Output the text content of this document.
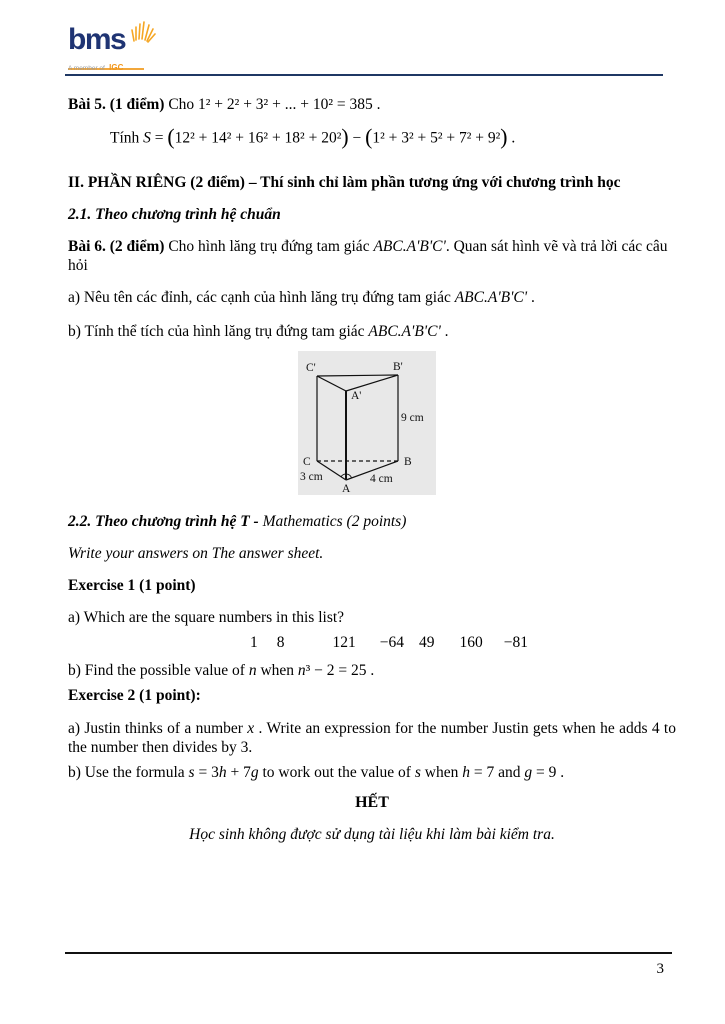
bms
A member of IGC

Bài 5. (1 điểm) Cho 1² + 2² + 3² + ... + 10² = 385 .

Tính S = (12² + 14² + 16² + 18² + 20²) − (1² + 3² + 5² + 7² + 9²) .

II. PHẦN RIÊNG (2 điểm) – Thí sinh chỉ làm phần tương ứng với chương trình học

2.1. Theo chương trình hệ chuẩn

Bài 6. (2 điểm) Cho hình lăng trụ đứng tam giác ABC.A'B'C'. Quan sát hình vẽ và trả lời các câu hỏi

a) Nêu tên các đỉnh, các cạnh của hình lăng trụ đứng tam giác ABC.A'B'C' .

b) Tính thể tích của hình lăng trụ đứng tam giác ABC.A'B'C' .

C'	B'
A'
9 cm
C	B
3 cm	4 cm
A

2.2. Theo chương trình hệ T - Mathematics (2 points)

Write your answers on The answer sheet.

Exercise 1 (1 point)

a) Which are the square numbers in this list?

1 8	121 −64 49 160 −81

b) Find the possible value of n when n³ − 2 = 25 .

Exercise 2 (1 point):

a) Justin thinks of a number x . Write an expression for the number Justin gets when he adds 4 to the number then divides by 3.

b) Use the formula s = 3h + 7g to work out the value of s when h = 7 and g = 9 .

HẾT

Học sinh không được sử dụng tài liệu khi làm bài kiểm tra.

3
